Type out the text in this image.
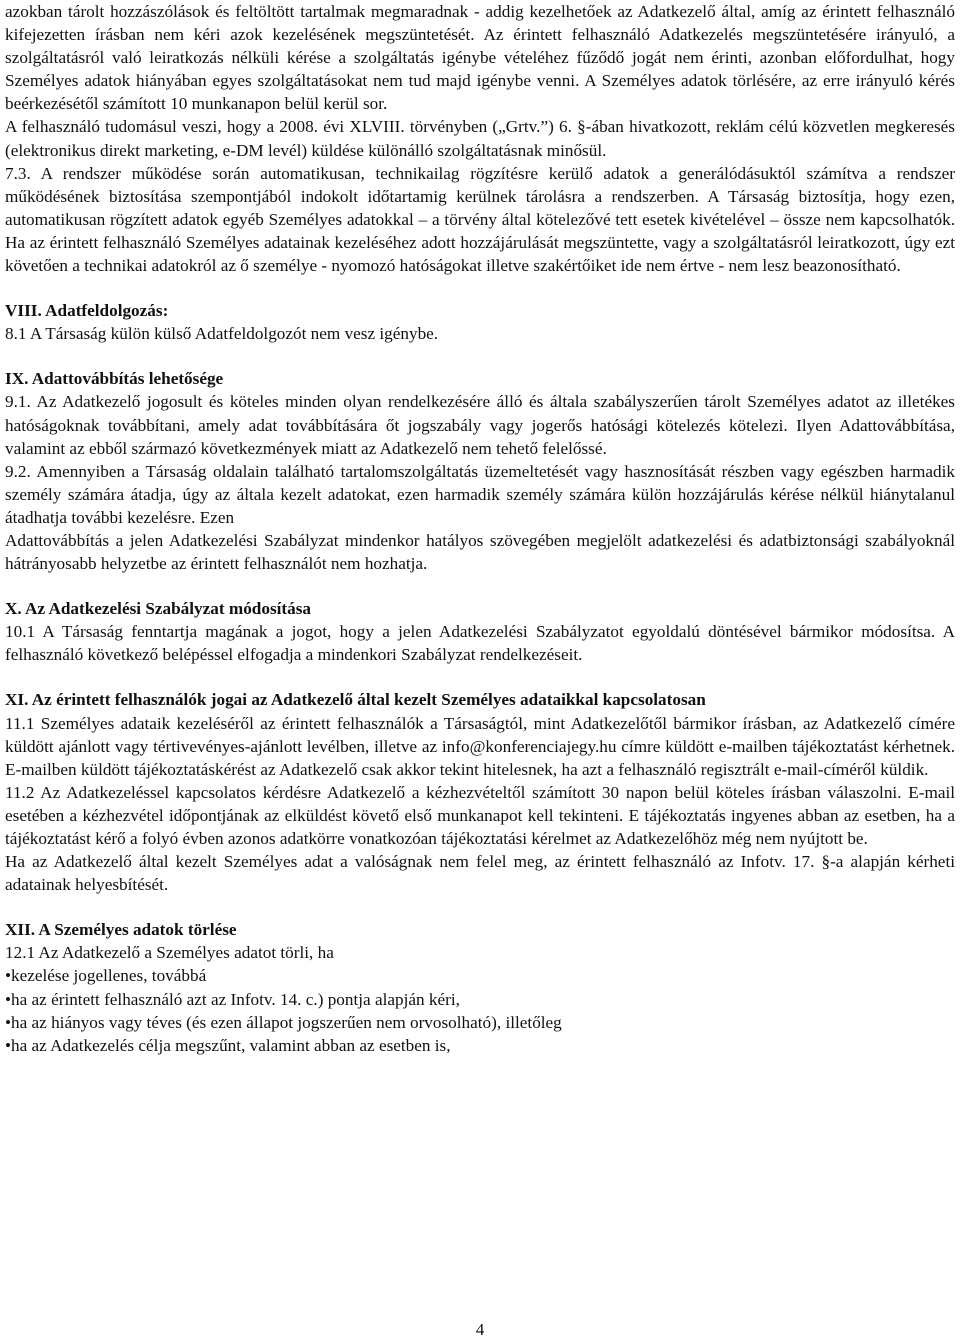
azokban tárolt hozzászólások és feltöltött tartalmak megmaradnak - addig kezelhetőek az Adatkezelő által, amíg az érintett felhasználó kifejezetten írásban nem kéri azok kezelésének megszüntetését. Az érintett felhasználó Adatkezelés megszüntetésére irányuló, a szolgáltatásról való leiratkozás nélküli kérése a szolgáltatás igénybe vételéhez fűződő jogát nem érinti, azonban előfordulhat, hogy Személyes adatok hiányában egyes szolgáltatásokat nem tud majd igénybe venni. A Személyes adatok törlésére, az erre irányuló kérés beérkezésétől számított 10 munkanapon belül kerül sor.

A felhasználó tudomásul veszi, hogy a 2008. évi XLVIII. törvényben („Grtv.”) 6. §-ában hivatkozott, reklám célú közvetlen megkeresés (elektronikus direkt marketing, e-DM levél) küldése különálló szolgáltatásnak minősül.

7.3. A rendszer működése során automatikusan, technikailag rögzítésre kerülő adatok a generálódásuktól számítva a rendszer működésének biztosítása szempontjából indokolt időtartamig kerülnek tárolásra a rendszerben. A Társaság biztosítja, hogy ezen, automatikusan rögzített adatok egyéb Személyes adatokkal – a törvény által kötelezővé tett esetek kivételével – össze nem kapcsolhatók. Ha az érintett felhasználó Személyes adatainak kezeléséhez adott hozzájárulását megszüntette, vagy a szolgáltatásról leiratkozott, úgy ezt követően a technikai adatokról az ő személye - nyomozó hatóságokat illetve szakértőiket ide nem értve - nem lesz beazonosítható.

VIII. Adatfeldolgozás:

8.1 A Társaság külön külső Adatfeldolgozót nem vesz igénybe.

IX. Adattovábbítás lehetősége

9.1. Az Adatkezelő jogosult és köteles minden olyan rendelkezésére álló és általa szabályszerűen tárolt Személyes adatot az illetékes hatóságoknak továbbítani, amely adat továbbítására őt jogszabály vagy jogerős hatósági kötelezés kötelezi. Ilyen Adattovábbítása, valamint az ebből származó következmények miatt az Adatkezelő nem tehető felelőssé.

9.2. Amennyiben a Társaság oldalain található tartalomszolgáltatás üzemeltetését vagy hasznosítását részben vagy egészben harmadik személy számára átadja, úgy az általa kezelt adatokat, ezen harmadik személy számára külön hozzájárulás kérése nélkül hiánytalanul átadhatja további kezelésre. Ezen

Adattovábbítás a jelen Adatkezelési Szabályzat mindenkor hatályos szövegében megjelölt adatkezelési és adatbiztonsági szabályoknál hátrányosabb helyzetbe az érintett felhasználót nem hozhatja.

X. Az Adatkezelési Szabályzat módosítása

10.1 A Társaság fenntartja magának a jogot, hogy a jelen Adatkezelési Szabályzatot egyoldalú döntésével bármikor módosítsa. A felhasználó következő belépéssel elfogadja a mindenkori Szabályzat rendelkezéseit.

XI. Az érintett felhasználók jogai az Adatkezelő által kezelt Személyes adataikkal kapcsolatosan

11.1 Személyes adataik kezeléséről az érintett felhasználók a Társaságtól, mint Adatkezelőtől bármikor írásban, az Adatkezelő címére küldött ajánlott vagy tértivevényes-ajánlott levélben, illetve az info@konferenciajegy.hu címre küldött e-mailben tájékoztatást kérhetnek. E-mailben küldött tájékoztatáskérést az Adatkezelő csak akkor tekint hitelesnek, ha azt a felhasználó regisztrált e-mail-címéről küldik.

11.2 Az Adatkezeléssel kapcsolatos kérdésre Adatkezelő a kézhezvételtől számított 30 napon belül köteles írásban válaszolni. E-mail esetében a kézhezvétel időpontjának az elküldést követő első munkanapot kell tekinteni. E tájékoztatás ingyenes abban az esetben, ha a tájékoztatást kérő a folyó évben azonos adatkörre vonatkozóan tájékoztatási kérelmet az Adatkezelőhöz még nem nyújtott be.

Ha az Adatkezelő által kezelt Személyes adat a valóságnak nem felel meg, az érintett felhasználó az Infotv. 17. §-a alapján kérheti adatainak helyesbítését.

XII. A Személyes adatok törlése

12.1 Az Adatkezelő a Személyes adatot törli, ha

•kezelése jogellenes, továbbá

•ha az érintett felhasználó azt az Infotv. 14. c.) pontja alapján kéri,

•ha az hiányos vagy téves (és ezen állapot jogszerűen nem orvosolható), illetőleg

•ha az Adatkezelés célja megszűnt, valamint abban az esetben is,

4
